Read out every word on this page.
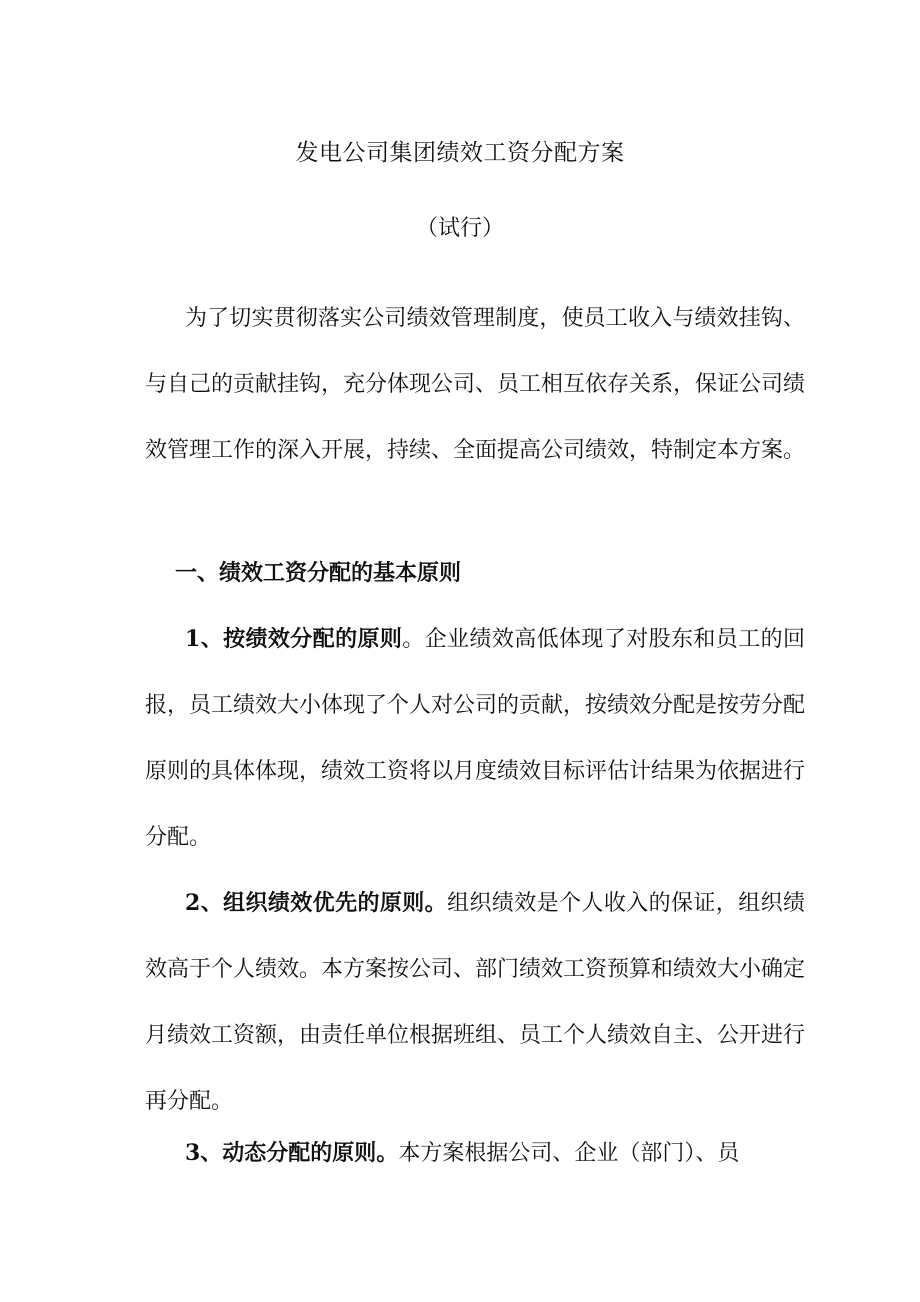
发电公司集团绩效工资分配方案

（试行）

为了切实贯彻落实公司绩效管理制度，使员工收入与绩效挂钩、与自己的贡献挂钩，充分体现公司、员工相互依存关系，保证公司绩效管理工作的深入开展，持续、全面提高公司绩效，特制定本方案。

一、绩效工资分配的基本原则

1、按绩效分配的原则。企业绩效高低体现了对股东和员工的回报，员工绩效大小体现了个人对公司的贡献，按绩效分配是按劳分配原则的具体体现，绩效工资将以月度绩效目标评估计结果为依据进行分配。

2、组织绩效优先的原则。组织绩效是个人收入的保证，组织绩效高于个人绩效。本方案按公司、部门绩效工资预算和绩效大小确定月绩效工资额，由责任单位根据班组、员工个人绩效自主、公开进行再分配。

3、动态分配的原则。本方案根据公司、企业（部门）、员
